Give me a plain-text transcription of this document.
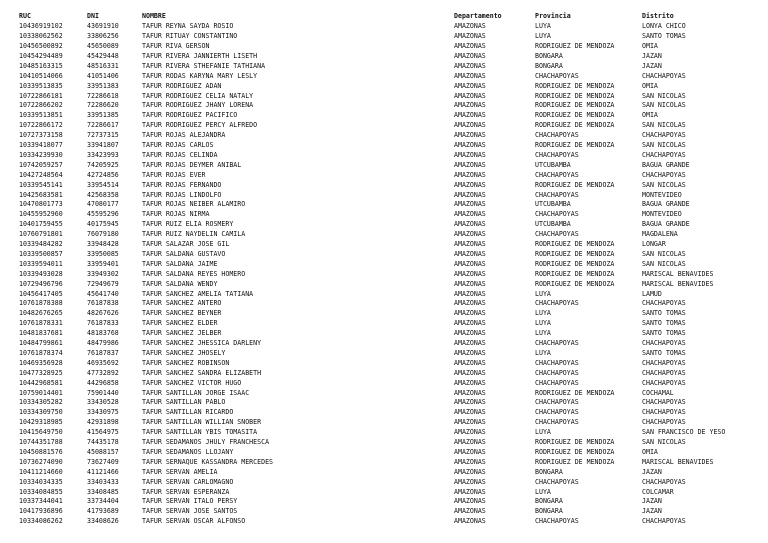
RUC	DNI	NOMBRE	Departamento	Provincia	Distrito
10436919102	43691910	TAFUR REYNA SAYDA ROSIO	AMAZONAS	LUYA	LONYA CHICO
10338062562	33806256	TAFUR RITUAY CONSTANTINO	AMAZONAS	LUYA	SANTO TOMAS
10456500892	45650089	TAFUR RIVA GERSON	AMAZONAS	RODRIGUEZ DE MENDOZA	OMIA
10454294489	45429448	TAFUR RIVERA JANNIERTH LISETH	AMAZONAS	BONGARA	JAZAN
10485163315	48516331	TAFUR RIVERA STHEFANIE TATHIANA	AMAZONAS	BONGARA	JAZAN
10410514066	41051406	TAFUR RODAS KARYNA MARY LESLY	AMAZONAS	CHACHAPOYAS	CHACHAPOYAS
10339513835	33951383	TAFUR RODRIGUEZ ADAN	AMAZONAS	RODRIGUEZ DE MENDOZA	OMIA
10722866181	72286618	TAFUR RODRIGUEZ CELIA NATALY	AMAZONAS	RODRIGUEZ DE MENDOZA	SAN NICOLAS
10722866202	72286620	TAFUR RODRIGUEZ JHANY LORENA	AMAZONAS	RODRIGUEZ DE MENDOZA	SAN NICOLAS
10339513851	33951385	TAFUR RODRIGUEZ PACIFICO	AMAZONAS	RODRIGUEZ DE MENDOZA	OMIA
10722866172	72286617	TAFUR RODRIGUEZ PERCY ALFREDO	AMAZONAS	RODRIGUEZ DE MENDOZA	SAN NICOLAS
10727373158	72737315	TAFUR ROJAS ALEJANDRA	AMAZONAS	CHACHAPOYAS	CHACHAPOYAS
10339418077	33941807	TAFUR ROJAS CARLOS	AMAZONAS	RODRIGUEZ DE MENDOZA	SAN NICOLAS
10334239930	33423993	TAFUR ROJAS CELINDA	AMAZONAS	CHACHAPOYAS	CHACHAPOYAS
10742059257	74205925	TAFUR ROJAS DEYMER ANIBAL	AMAZONAS	UTCUBAMBA	BAGUA GRANDE
10427248564	42724856	TAFUR ROJAS EVER	AMAZONAS	CHACHAPOYAS	CHACHAPOYAS
10339545141	33954514	TAFUR ROJAS FERNANDO	AMAZONAS	RODRIGUEZ DE MENDOZA	SAN NICOLAS
10425683581	42568358	TAFUR ROJAS LINDOLFO	AMAZONAS	CHACHAPOYAS	MONTEVIDEO
10470801773	47080177	TAFUR ROJAS NEIBER ALAMIRO	AMAZONAS	UTCUBAMBA	BAGUA GRANDE
10455952960	45595296	TAFUR ROJAS NIRMA	AMAZONAS	CHACHAPOYAS	MONTEVIDEO
10401759455	40175945	TAFUR RUIZ ELIA ROSMERY	AMAZONAS	UTCUBAMBA	BAGUA GRANDE
10760791801	76079180	TAFUR RUIZ NAYDELIN CAMILA	AMAZONAS	CHACHAPOYAS	MAGDALENA
10339484282	33948428	TAFUR SALAZAR JOSE GIL	AMAZONAS	RODRIGUEZ DE MENDOZA	LONGAR
10339500857	33950085	TAFUR SALDAÑA GUSTAVO	AMAZONAS	RODRIGUEZ DE MENDOZA	SAN NICOLAS
10339594011	33959401	TAFUR SALDAÑA JAIME	AMAZONAS	RODRIGUEZ DE MENDOZA	SAN NICOLAS
10339493028	33949302	TAFUR SALDAÑA REYES HOMERO	AMAZONAS	RODRIGUEZ DE MENDOZA	MARISCAL BENAVIDES
10729496796	72949679	TAFUR SALDAÑA WENDY	AMAZONAS	RODRIGUEZ DE MENDOZA	MARISCAL BENAVIDES
10456417405	45641740	TAFUR SANCHEZ AMELIA TATIANA	AMAZONAS	LUYA	LAMUD
10761878388	76187838	TAFUR SANCHEZ ANTERO	AMAZONAS	CHACHAPOYAS	CHACHAPOYAS
10482676265	48267626	TAFUR SANCHEZ BEYNER	AMAZONAS	LUYA	SANTO TOMAS
10761878331	76187833	TAFUR SANCHEZ ELDER	AMAZONAS	LUYA	SANTO TOMAS
10481837681	48183768	TAFUR SANCHEZ JELBER	AMAZONAS	LUYA	SANTO TOMAS
10484799861	48479986	TAFUR SANCHEZ JHESSICA DARLENY	AMAZONAS	CHACHAPOYAS	CHACHAPOYAS
10761878374	76187837	TAFUR SANCHEZ JHOSELY	AMAZONAS	LUYA	SANTO TOMAS
10469356928	46935692	TAFUR SANCHEZ ROBINSON	AMAZONAS	CHACHAPOYAS	CHACHAPOYAS
10477328925	47732892	TAFUR SANCHEZ SANDRA ELIZABETH	AMAZONAS	CHACHAPOYAS	CHACHAPOYAS
10442968581	44296858	TAFUR SANCHEZ VICTOR HUGO	AMAZONAS	CHACHAPOYAS	CHACHAPOYAS
10759014401	75901440	TAFUR SANTILLAN JORGE ISAAC	AMAZONAS	RODRIGUEZ DE MENDOZA	COCHAMAL
10334305282	33430528	TAFUR SANTILLAN PABLO	AMAZONAS	CHACHAPOYAS	CHACHAPOYAS
10334309750	33430975	TAFUR SANTILLAN RICARDO	AMAZONAS	CHACHAPOYAS	CHACHAPOYAS
10429318985	42931898	TAFUR SANTILLAN WILLIAN SNOBER	AMAZONAS	CHACHAPOYAS	CHACHAPOYAS
10415649750	41564975	TAFUR SANTILLAN YBIS TOMASITA	AMAZONAS	LUYA	SAN FRANCISCO DE YESO
10744351788	74435178	TAFUR SEDAMANOS JHULY FRANCHESCA	AMAZONAS	RODRIGUEZ DE MENDOZA	SAN NICOLAS
10450881576	45088157	TAFUR SEDAMANOS LLOJANY	AMAZONAS	RODRIGUEZ DE MENDOZA	OMIA
10736274090	73627409	TAFUR SERNAQUE KASSANDRA MERCEDES	AMAZONAS	RODRIGUEZ DE MENDOZA	MARISCAL BENAVIDES
10411214660	41121466	TAFUR SERVAN AMELIA	AMAZONAS	BONGARA	JAZAN
10334034335	33403433	TAFUR SERVAN CARLOMAGNO	AMAZONAS	CHACHAPOYAS	CHACHAPOYAS
10334084855	33408485	TAFUR SERVAN ESPERANZA	AMAZONAS	LUYA	COLCAMAR
10337344041	33734404	TAFUR SERVAN ITALO PERSY	AMAZONAS	BONGARA	JAZAN
10417936896	41793689	TAFUR SERVAN JOSE SANTOS	AMAZONAS	BONGARA	JAZAN
10334086262	33408626	TAFUR SERVAN OSCAR ALFONSO	AMAZONAS	CHACHAPOYAS	CHACHAPOYAS
